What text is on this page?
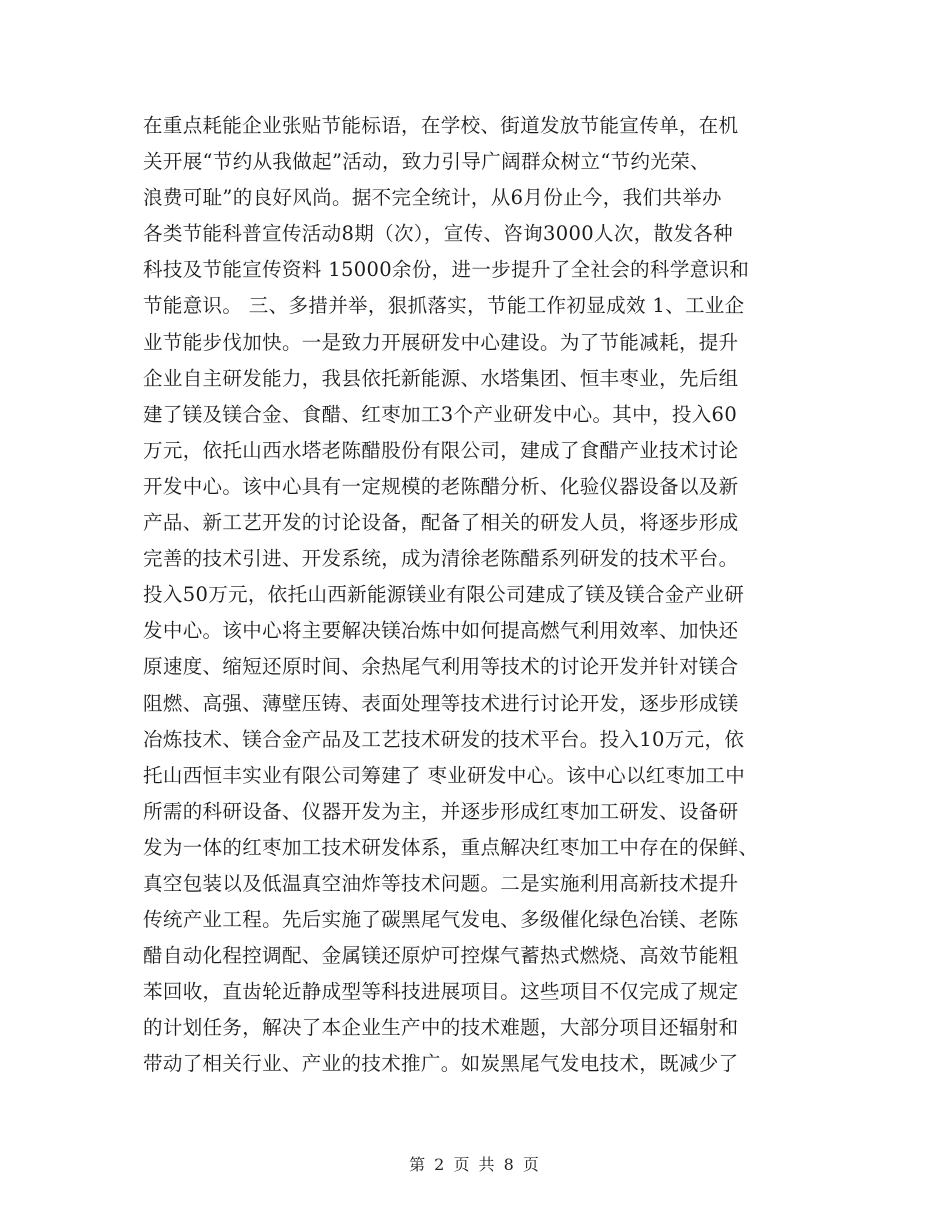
在重点耗能企业张贴节能标语，在学校、街道发放节能宣传单，在机
关开展“节约从我做起”活动，致力引导广阔群众树立“节约光荣、
浪费可耻”的良好风尚。据不完全统计，从6月份止今，我们共举办
各类节能科普宣传活动8期（次），宣传、咨询3000人次，散发各种
科技及节能宣传资料 15000余份，进一步提升了全社会的科学意识和
节能意识。 三、多措并举，狠抓落实，节能工作初显成效 1、工业企
业节能步伐加快。一是致力开展研发中心建设。为了节能减耗，提升
企业自主研发能力，我县依托新能源、水塔集团、恒丰枣业，先后组
建了镁及镁合金、食醋、红枣加工3个产业研发中心。其中，投入60
万元，依托山西水塔老陈醋股份有限公司，建成了食醋产业技术讨论
开发中心。该中心具有一定规模的老陈醋分析、化验仪器设备以及新
产品、新工艺开发的讨论设备，配备了相关的研发人员，将逐步形成
完善的技术引进、开发系统，成为清徐老陈醋系列研发的技术平台。
投入50万元，依托山西新能源镁业有限公司建成了镁及镁合金产业研
发中心。该中心将主要解决镁冶炼中如何提高燃气利用效率、加快还
原速度、缩短还原时间、余热尾气利用等技术的讨论开发并针对镁合
阻燃、高强、薄壁压铸、表面处理等技术进行讨论开发，逐步形成镁
冶炼技术、镁合金产品及工艺技术研发的技术平台。投入10万元，依
托山西恒丰实业有限公司筹建了 枣业研发中心。该中心以红枣加工中
所需的科研设备、仪器开发为主，并逐步形成红枣加工研发、设备研
发为一体的红枣加工技术研发体系，重点解决红枣加工中存在的保鲜、
真空包装以及低温真空油炸等技术问题。二是实施利用高新技术提升
传统产业工程。先后实施了碳黑尾气发电、多级催化绿色冶镁、老陈
醋自动化程控调配、金属镁还原炉可控煤气蓄热式燃烧、高效节能粗
苯回收，直齿轮近静成型等科技进展项目。这些项目不仅完成了规定
的计划任务，解决了本企业生产中的技术难题，大部分项目还辐射和
带动了相关行业、产业的技术推广。如炭黑尾气发电技术，既减少了
第 2 页 共 8 页
